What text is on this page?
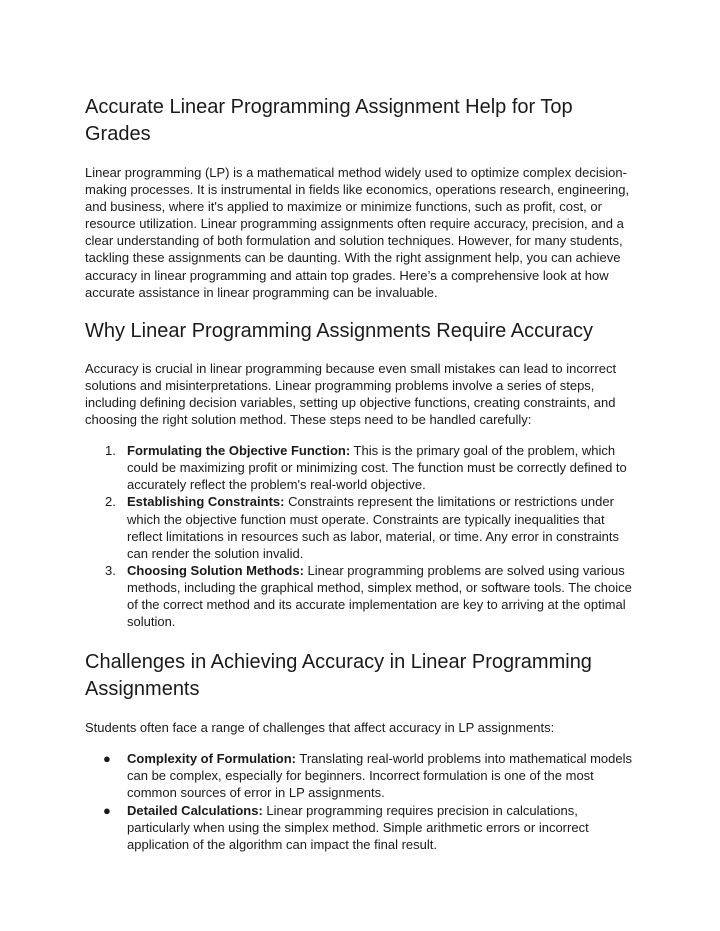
Accurate Linear Programming Assignment Help for Top Grades

Linear programming (LP) is a mathematical method widely used to optimize complex decision-making processes. It is instrumental in fields like economics, operations research, engineering, and business, where it's applied to maximize or minimize functions, such as profit, cost, or resource utilization. Linear programming assignments often require accuracy, precision, and a clear understanding of both formulation and solution techniques. However, for many students, tackling these assignments can be daunting. With the right assignment help, you can achieve accuracy in linear programming and attain top grades. Here’s a comprehensive look at how accurate assistance in linear programming can be invaluable.

Why Linear Programming Assignments Require Accuracy

Accuracy is crucial in linear programming because even small mistakes can lead to incorrect solutions and misinterpretations. Linear programming problems involve a series of steps, including defining decision variables, setting up objective functions, creating constraints, and choosing the right solution method. These steps need to be handled carefully:

1. Formulating the Objective Function: This is the primary goal of the problem, which could be maximizing profit or minimizing cost. The function must be correctly defined to accurately reflect the problem's real-world objective.
2. Establishing Constraints: Constraints represent the limitations or restrictions under which the objective function must operate. Constraints are typically inequalities that reflect limitations in resources such as labor, material, or time. Any error in constraints can render the solution invalid.
3. Choosing Solution Methods: Linear programming problems are solved using various methods, including the graphical method, simplex method, or software tools. The choice of the correct method and its accurate implementation are key to arriving at the optimal solution.
Challenges in Achieving Accuracy in Linear Programming Assignments

Students often face a range of challenges that affect accuracy in LP assignments:

● Complexity of Formulation: Translating real-world problems into mathematical models can be complex, especially for beginners. Incorrect formulation is one of the most common sources of error in LP assignments.
● Detailed Calculations: Linear programming requires precision in calculations, particularly when using the simplex method. Simple arithmetic errors or incorrect application of the algorithm can impact the final result.
